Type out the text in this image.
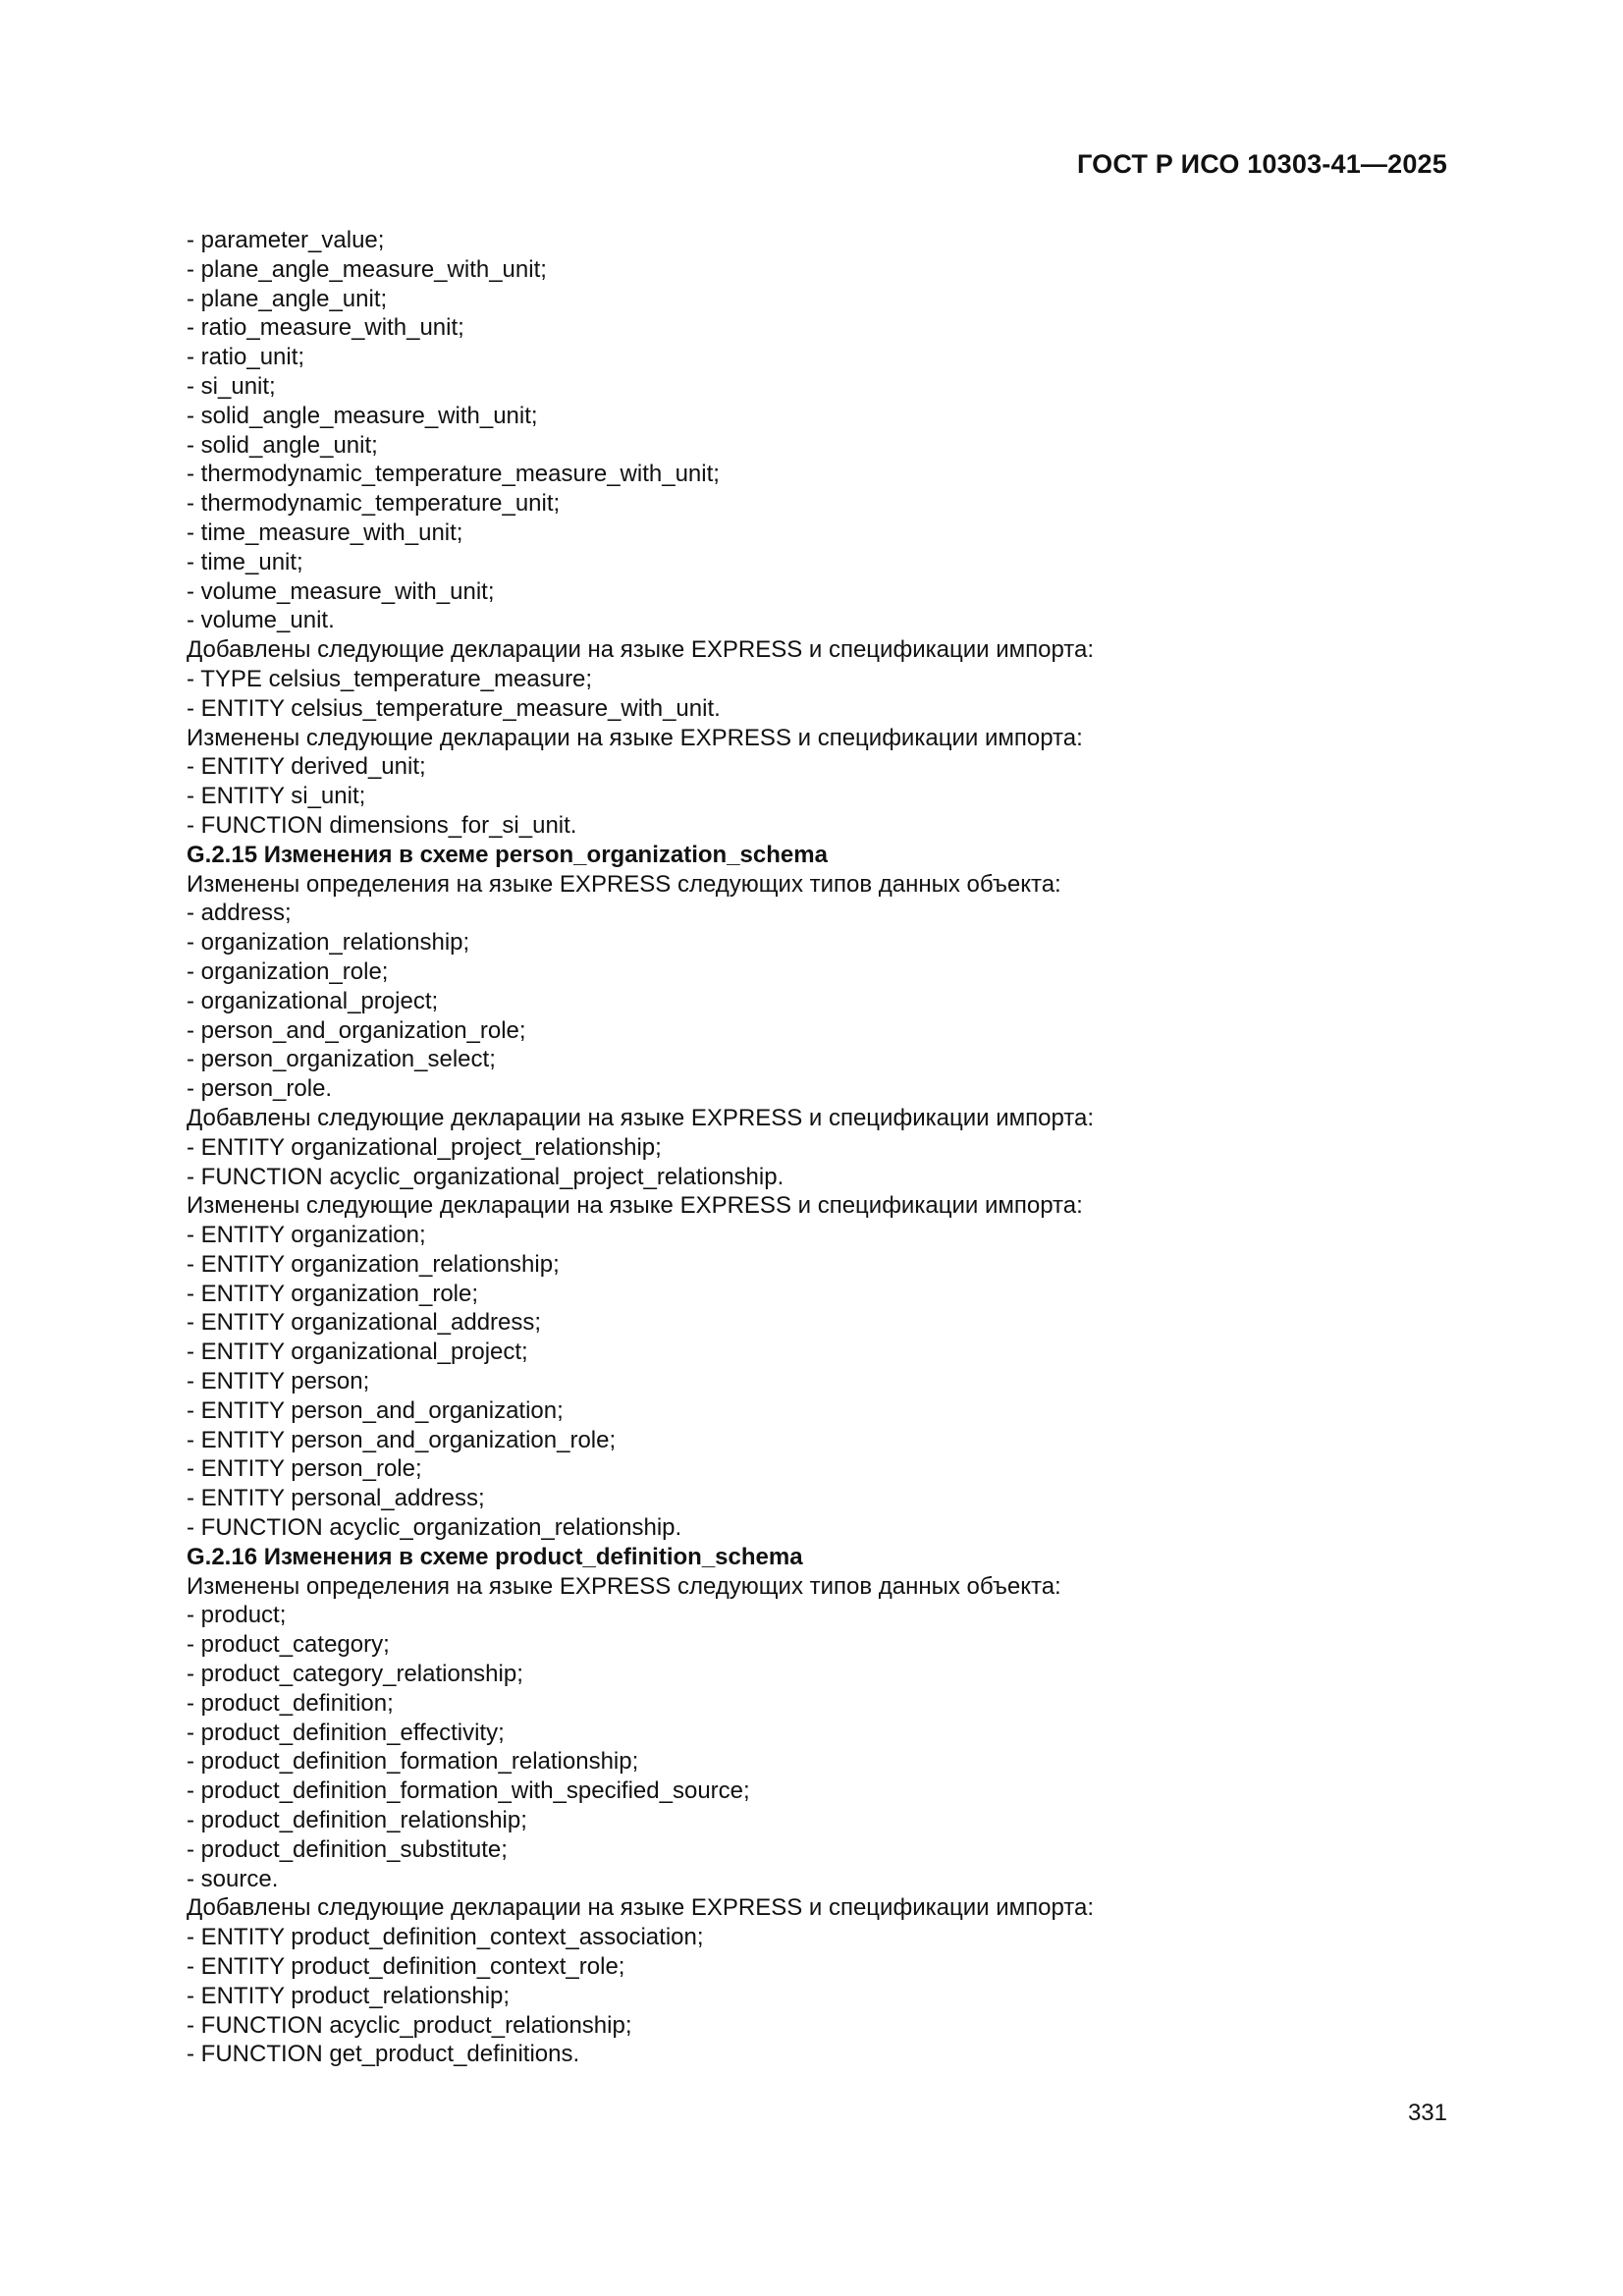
ГОСТ Р ИСО 10303-41—2025
- parameter_value;
- plane_angle_measure_with_unit;
- plane_angle_unit;
- ratio_measure_with_unit;
- ratio_unit;
- si_unit;
- solid_angle_measure_with_unit;
- solid_angle_unit;
- thermodynamic_temperature_measure_with_unit;
- thermodynamic_temperature_unit;
- time_measure_with_unit;
- time_unit;
- volume_measure_with_unit;
- volume_unit.
Добавлены следующие декларации на языке EXPRESS и спецификации импорта:
- TYPE celsius_temperature_measure;
- ENTITY celsius_temperature_measure_with_unit.
Изменены следующие декларации на языке EXPRESS и спецификации импорта:
- ENTITY derived_unit;
- ENTITY si_unit;
- FUNCTION dimensions_for_si_unit.
G.2.15 Изменения в схеме person_organization_schema
Изменены определения на языке EXPRESS следующих типов данных объекта:
- address;
- organization_relationship;
- organization_role;
- organizational_project;
- person_and_organization_role;
- person_organization_select;
- person_role.
Добавлены следующие декларации на языке EXPRESS и спецификации импорта:
- ENTITY organizational_project_relationship;
- FUNCTION acyclic_organizational_project_relationship.
Изменены следующие декларации на языке EXPRESS и спецификации импорта:
- ENTITY organization;
- ENTITY organization_relationship;
- ENTITY organization_role;
- ENTITY organizational_address;
- ENTITY organizational_project;
- ENTITY person;
- ENTITY person_and_organization;
- ENTITY person_and_organization_role;
- ENTITY person_role;
- ENTITY personal_address;
- FUNCTION acyclic_organization_relationship.
G.2.16 Изменения в схеме product_definition_schema
Изменены определения на языке EXPRESS следующих типов данных объекта:
- product;
- product_category;
- product_category_relationship;
- product_definition;
- product_definition_effectivity;
- product_definition_formation_relationship;
- product_definition_formation_with_specified_source;
- product_definition_relationship;
- product_definition_substitute;
- source.
Добавлены следующие декларации на языке EXPRESS и спецификации импорта:
- ENTITY product_definition_context_association;
- ENTITY product_definition_context_role;
- ENTITY product_relationship;
- FUNCTION acyclic_product_relationship;
- FUNCTION get_product_definitions.
331
